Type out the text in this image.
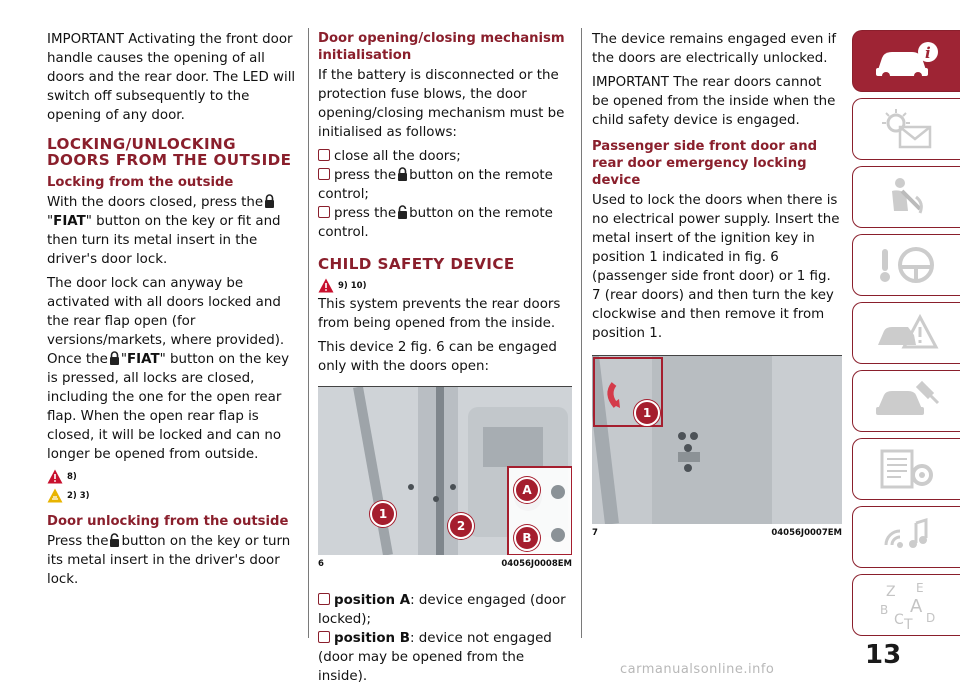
IMPORTANT Activating the front door handle causes the opening of all doors and the rear door. The LED will switch off subsequently to the opening of any door.

LOCKING/UNLOCKING DOORS FROM THE OUTSIDE
Locking from the outside

With the doors closed, press the"FIAT" button on the key or fit and then turn its metal insert in the driver's door lock.

The door lock can anyway be activated with all doors locked and the rear flap open (for versions/markets, where provided). Once the "FIAT" button on the key is pressed, all locks are closed, including the one for the open rear flap. When the open rear flap is closed, it will be locked and can no longer be opened from outside.

8)
2) 3)
Door unlocking from the outside

Press the button on the key or turn its metal insert in the driver's door lock.

Door opening/closing mechanism initialisation

If the battery is disconnected or the protection fuse blows, the door opening/closing mechanism must be initialised as follows:

close all the doors;
press the button on the remote control;
press the button on the remote control.
CHILD SAFETY DEVICE
9) 10)

This system prevents the rear doors from being opened from the inside.

This device 2 fig. 6 can be engaged only with the doors open:

1
2
A
B
6	04056J0008EM
position A: device engaged (door locked);
position B: device not engaged (door may be opened from the inside).

The device remains engaged even if the doors are electrically unlocked.

IMPORTANT The rear doors cannot be opened from the inside when the child safety device is engaged.

Passenger side front door and rear door emergency locking device

Used to lock the doors when there is no electrical power supply. Insert the metal insert of the ignition key in position 1 indicated in fig. 6 (passenger side front door) or 1 fig. 7 (rear doors) and then turn the key clockwise and then remove it from position 1.

1
7	04056J0007EM
i
Z E
A
B
C T D
13
carmanualsonline.info
